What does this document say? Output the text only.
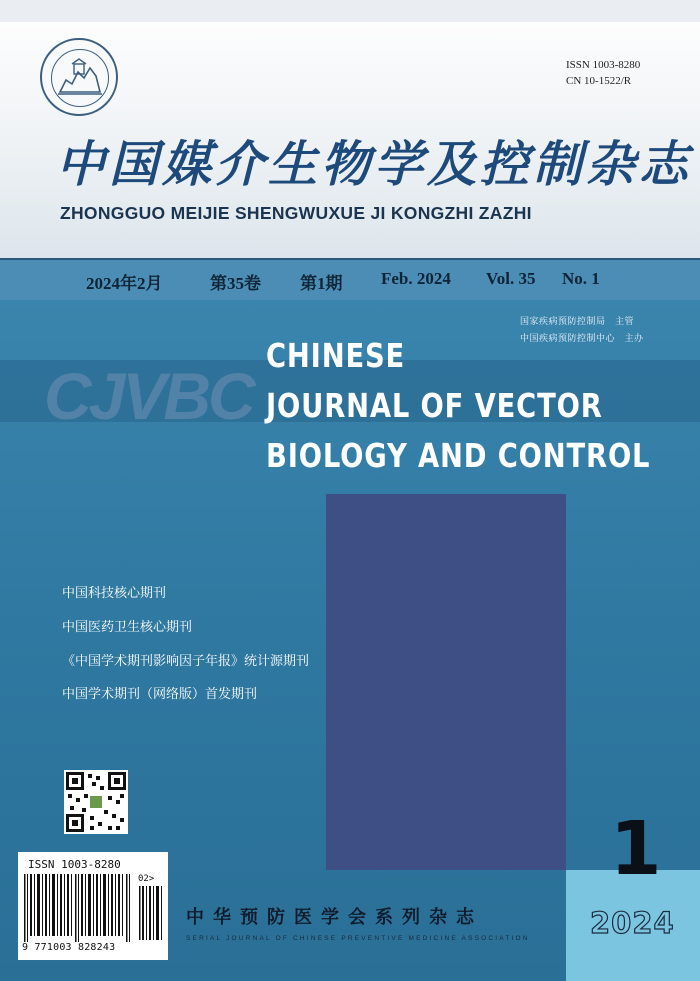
ISSN 1003-8280
CN 10-1522/R
中国媒介生物学及控制杂志
ZHONGGUO MEIJIE SHENGWUXUE JI KONGZHI ZAZHI
2024年2月	第35卷 第1期 Feb. 2024 Vol. 35 No. 1
CJVBC
国家疾病预防控制局　主管
中国疾病预防控制中心　主办
CHINESE
JOURNAL OF VECTOR
BIOLOGY AND CONTROL
中国科技核心期刊
中国医药卫生核心期刊
《中国学术期刊影响因子年报》统计源期刊
中国学术期刊（网络版）首发期刊
ISSN 1003-8280
02>
9 771003 828243
1
2024
中华预防医学会系列杂志
SERIAL JOURNAL OF CHINESE PREVENTIVE MEDICINE ASSOCIATION
